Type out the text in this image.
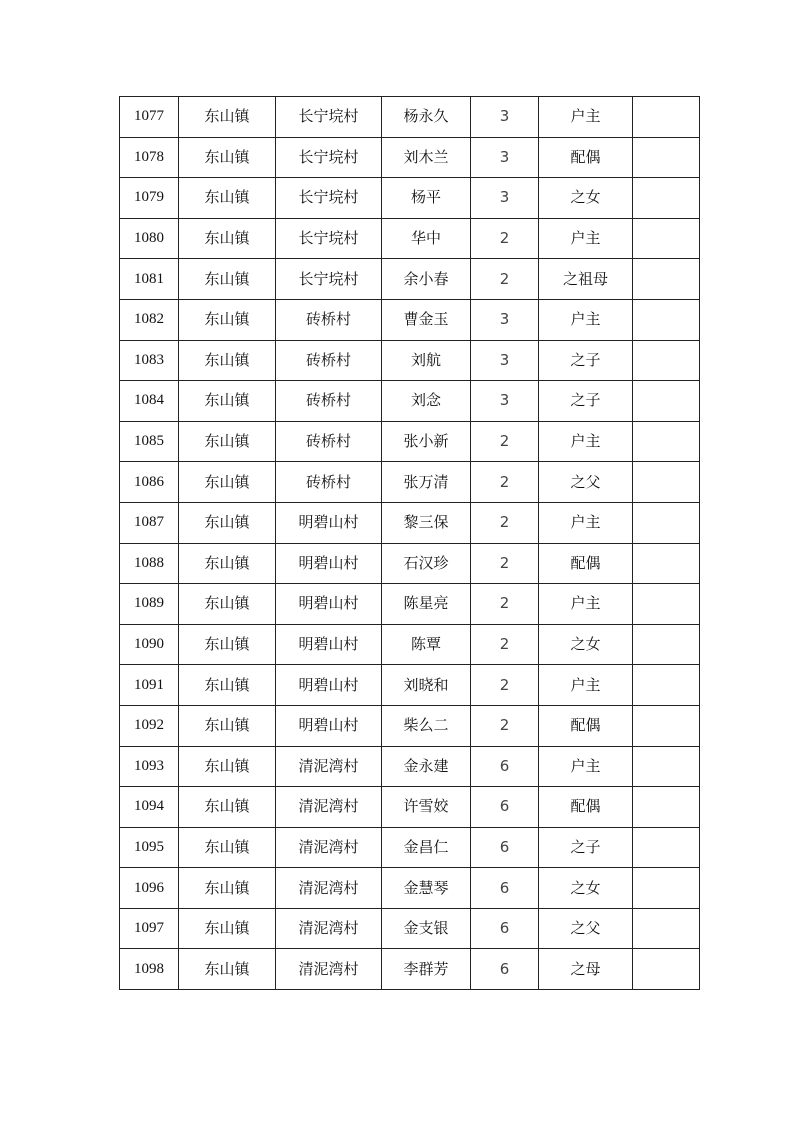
1077	东山镇	长宁垸村	杨永久	3	户主	
1078	东山镇	长宁垸村	刘木兰	3	配偶	
1079	东山镇	长宁垸村	杨平	3	之女	
1080	东山镇	长宁垸村	华中	2	户主	
1081	东山镇	长宁垸村	余小春	2	之祖母	
1082	东山镇	砖桥村	曹金玉	3	户主	
1083	东山镇	砖桥村	刘航	3	之子	
1084	东山镇	砖桥村	刘念	3	之子	
1085	东山镇	砖桥村	张小新	2	户主	
1086	东山镇	砖桥村	张万清	2	之父	
1087	东山镇	明碧山村	黎三保	2	户主	
1088	东山镇	明碧山村	石汉珍	2	配偶	
1089	东山镇	明碧山村	陈星亮	2	户主	
1090	东山镇	明碧山村	陈覃	2	之女	
1091	东山镇	明碧山村	刘晓和	2	户主	
1092	东山镇	明碧山村	柴么二	2	配偶	
1093	东山镇	清泥湾村	金永建	6	户主	
1094	东山镇	清泥湾村	许雪姣	6	配偶	
1095	东山镇	清泥湾村	金昌仁	6	之子	
1096	东山镇	清泥湾村	金慧琴	6	之女	
1097	东山镇	清泥湾村	金支银	6	之父	
1098	东山镇	清泥湾村	李群芳	6	之母	
